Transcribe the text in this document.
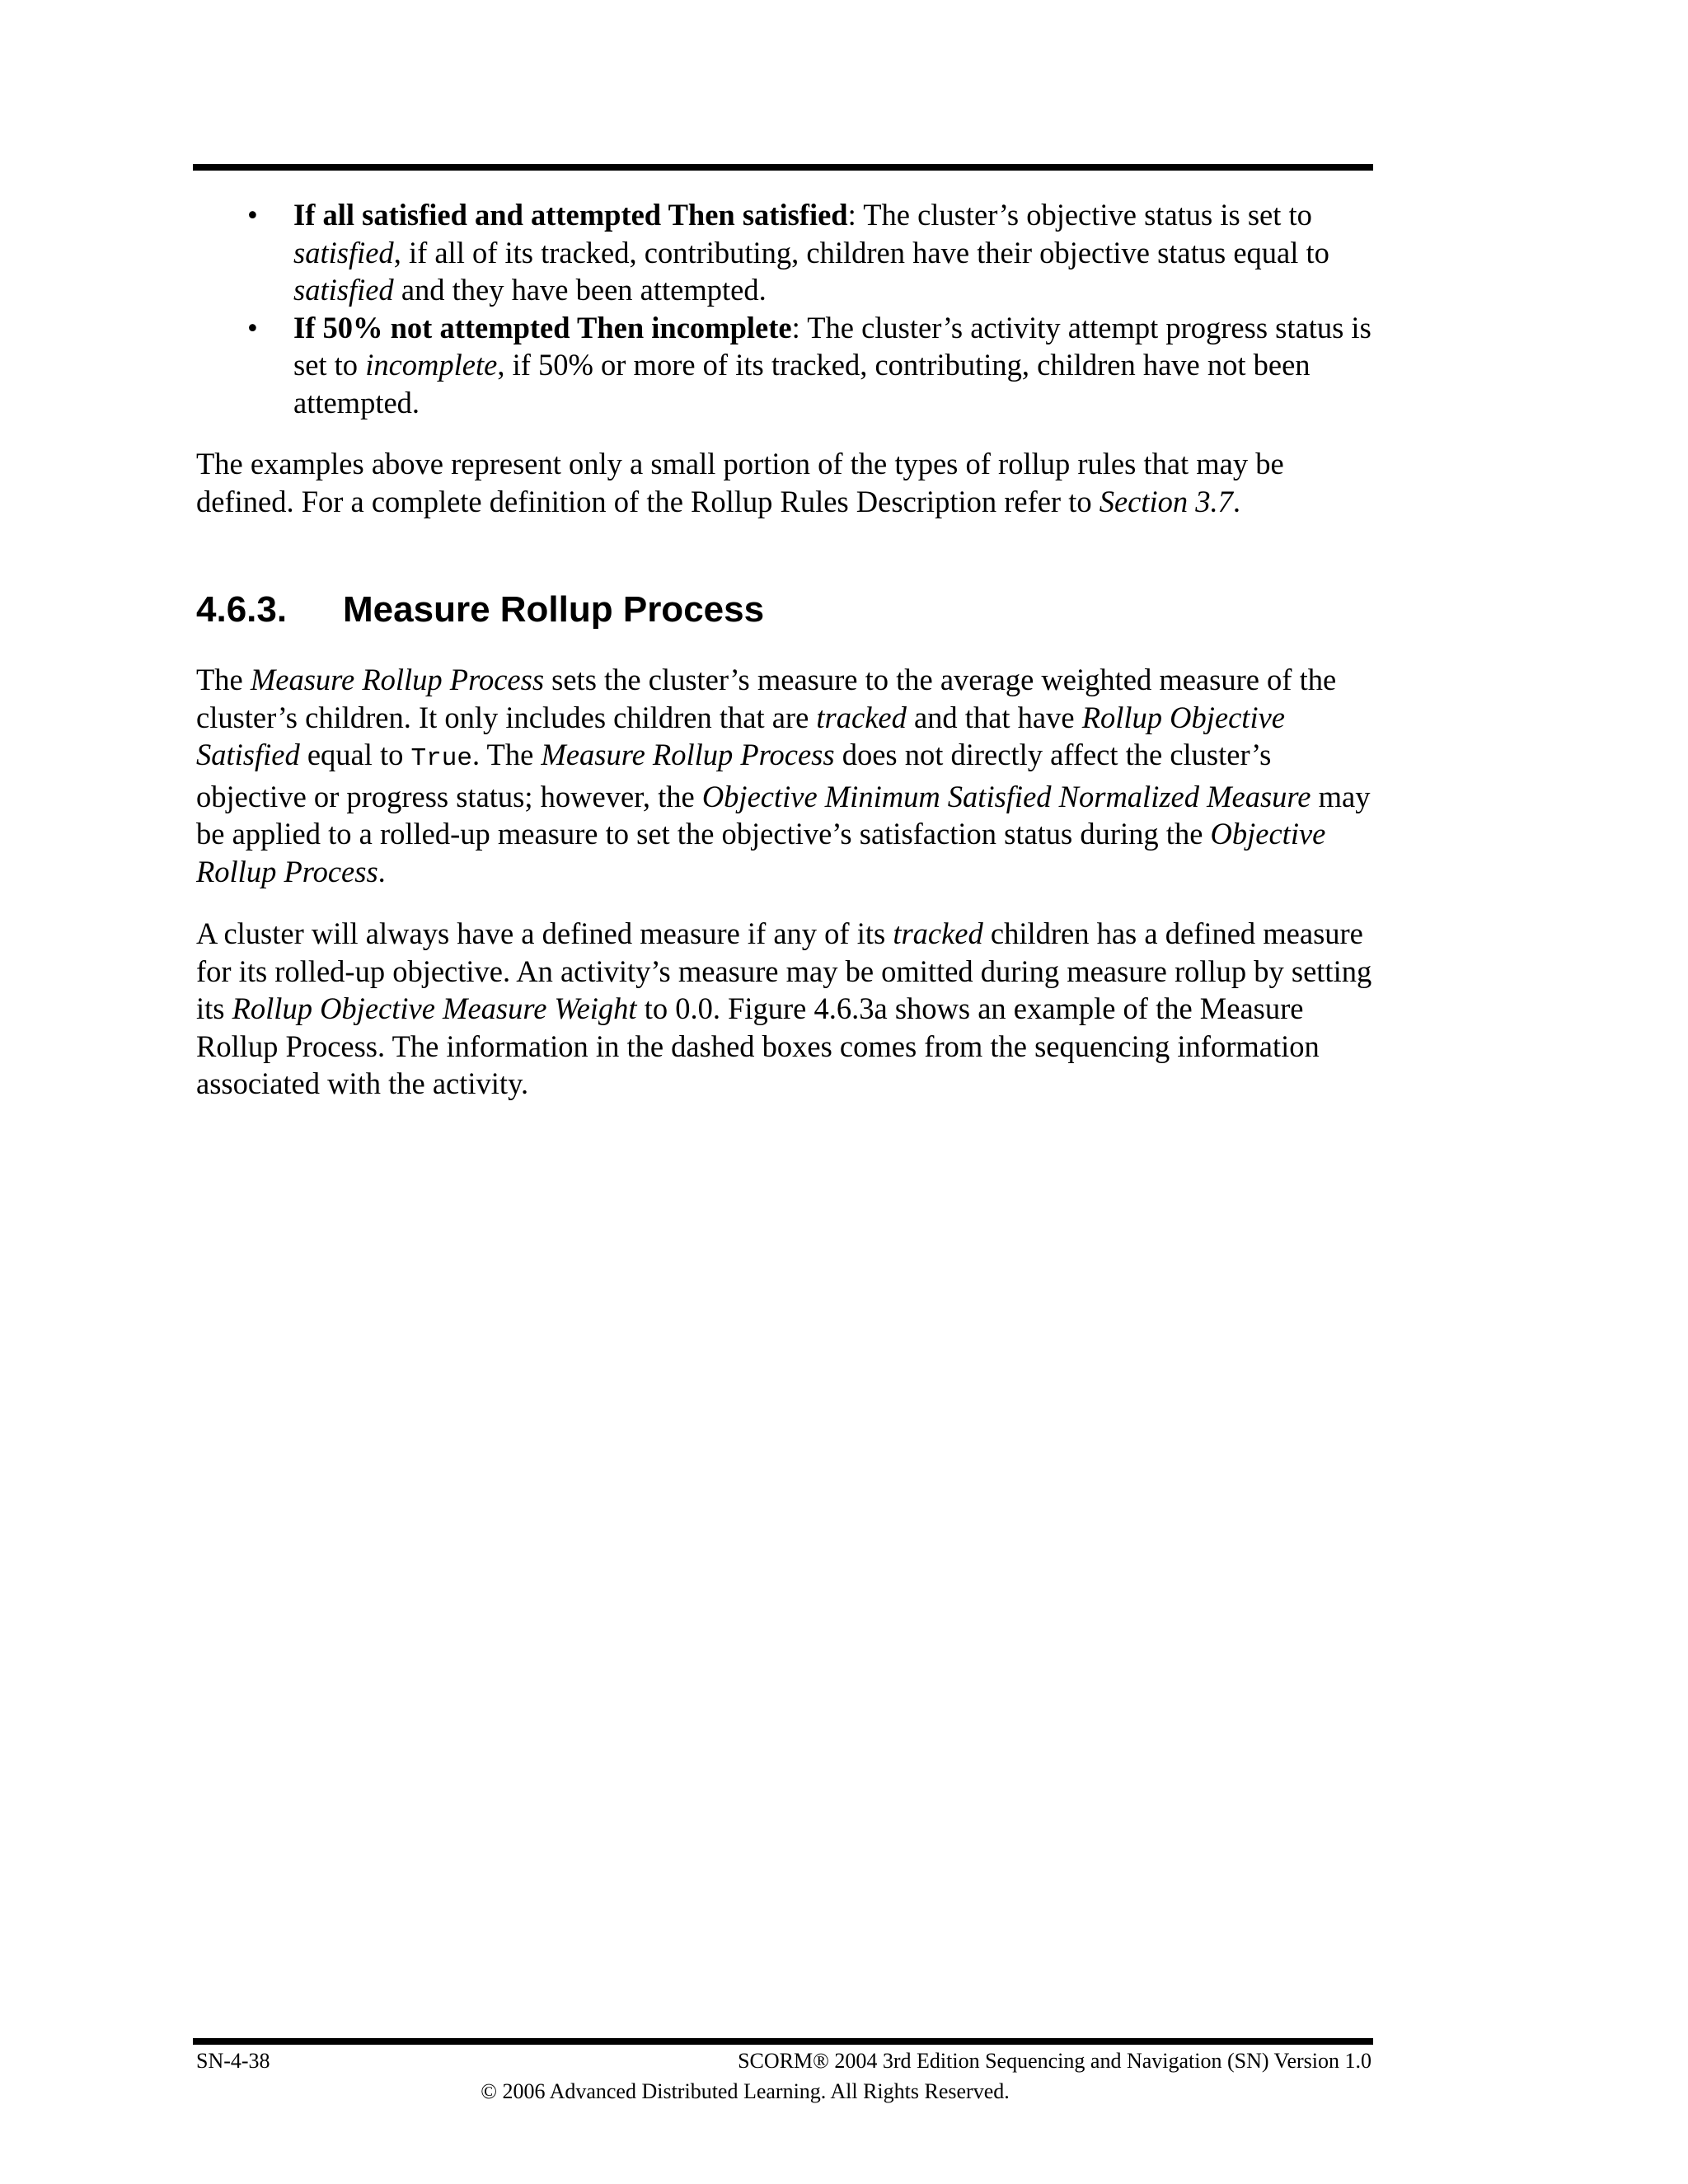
• If all satisfied and attempted Then satisfied: The cluster’s objective status is set to satisfied, if all of its tracked, contributing, children have their objective status equal to satisfied and they have been attempted.
• If 50% not attempted Then incomplete: The cluster’s activity attempt progress status is set to incomplete, if 50% or more of its tracked, contributing, children have not been attempted.

The examples above represent only a small portion of the types of rollup rules that may be defined. For a complete definition of the Rollup Rules Description refer to Section 3.7.

4.6.3. Measure Rollup Process

The Measure Rollup Process sets the cluster’s measure to the average weighted measure of the cluster’s children. It only includes children that are tracked and that have Rollup Objective Satisfied equal to True. The Measure Rollup Process does not directly affect the cluster’s objective or progress status; however, the Objective Minimum Satisfied Normalized Measure may be applied to a rolled-up measure to set the objective’s satisfaction status during the Objective Rollup Process.

A cluster will always have a defined measure if any of its tracked children has a defined measure for its rolled-up objective. An activity’s measure may be omitted during measure rollup by setting its Rollup Objective Measure Weight to 0.0. Figure 4.6.3a shows an example of the Measure Rollup Process. The information in the dashed boxes comes from the sequencing information associated with the activity.

SN-4-38	SCORM® 2004 3rd Edition Sequencing and Navigation (SN) Version 1.0
© 2006 Advanced Distributed Learning. All Rights Reserved.
